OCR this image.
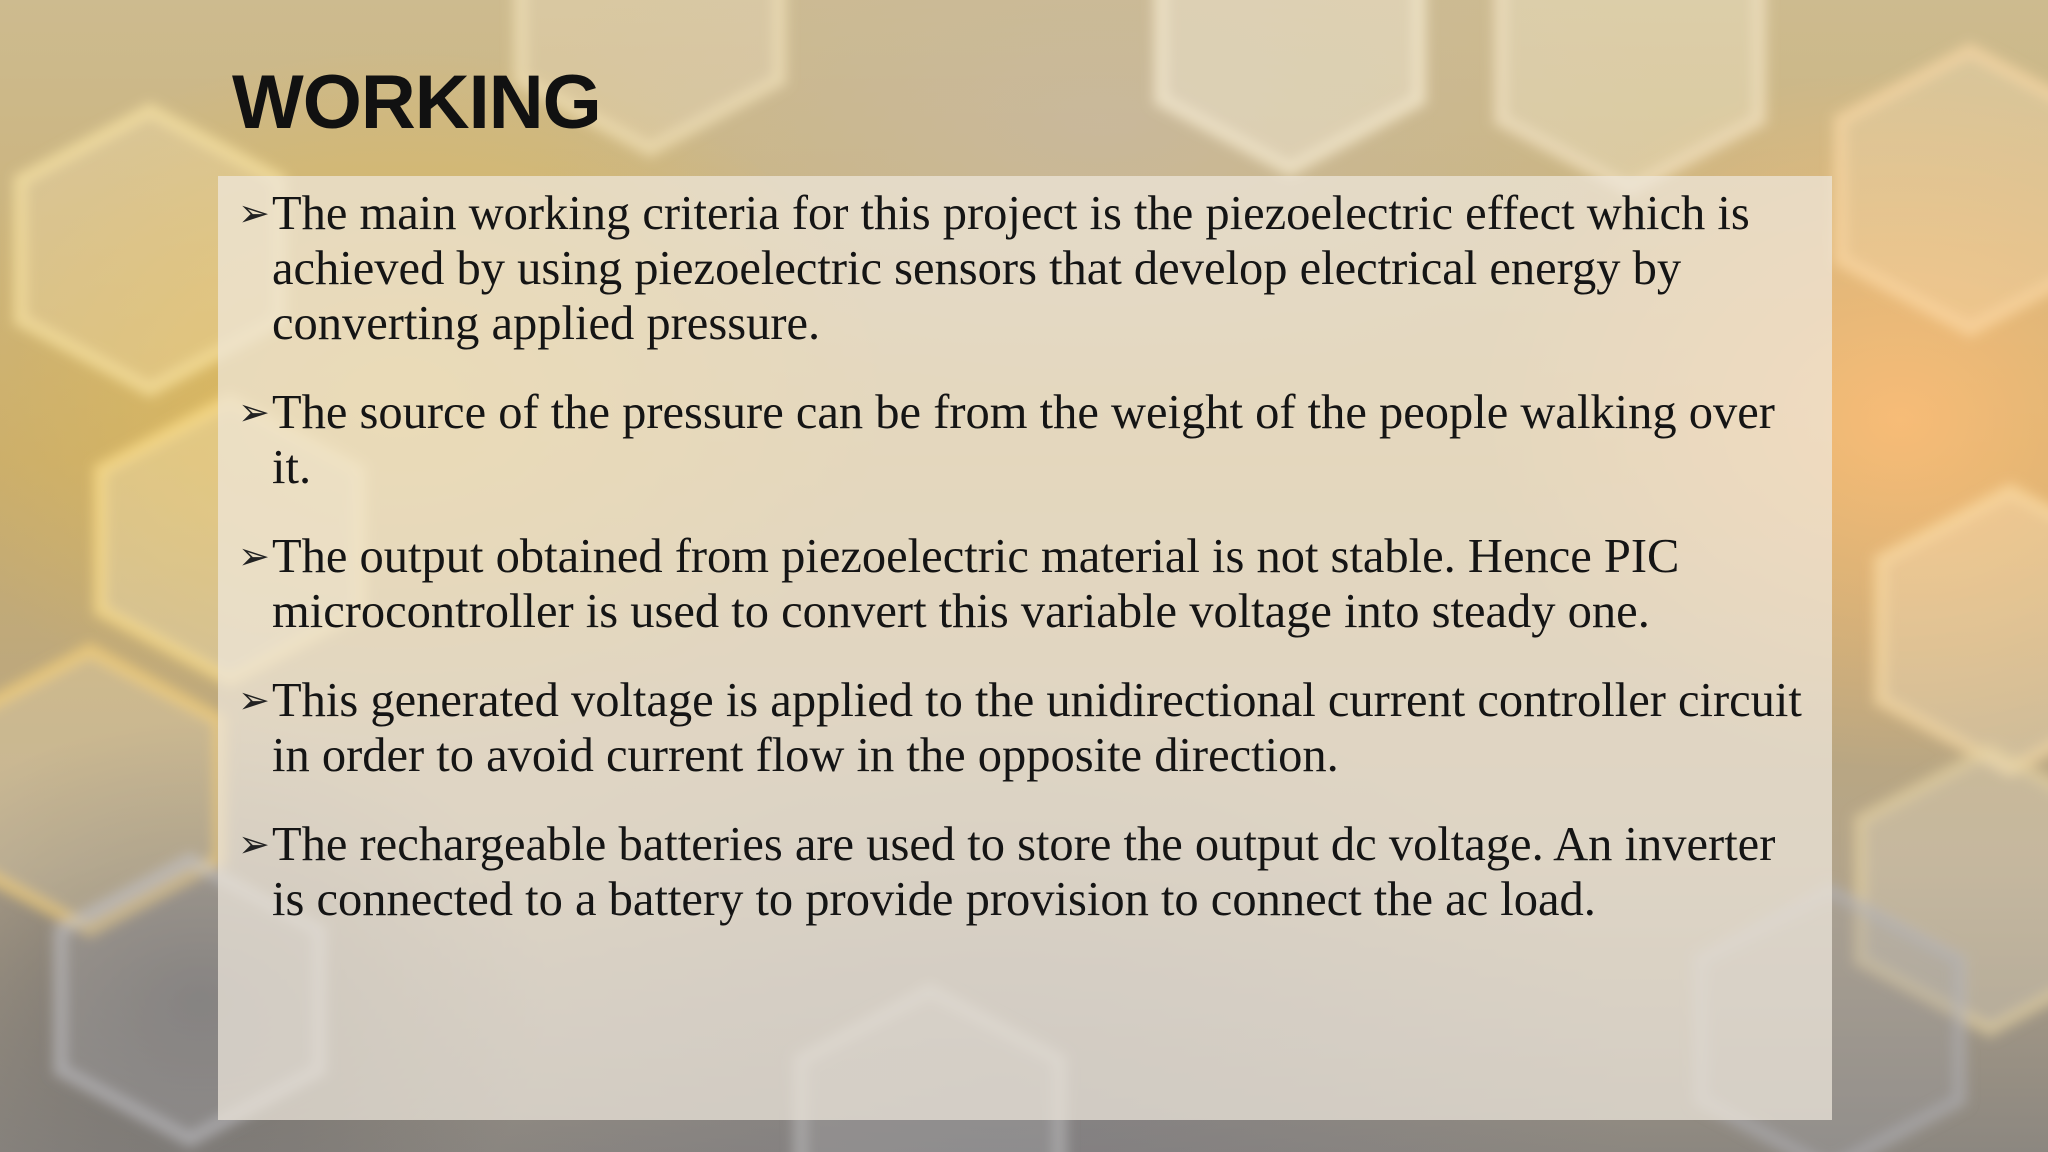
WORKING
➢ The main working criteria for this project is the piezoelectric effect which is achieved by using piezoelectric sensors that develop electrical energy by converting applied pressure.
➢ The source of the pressure can be from the weight of the people walking over it.
➢ The output obtained from piezoelectric material is not stable. Hence PIC microcontroller is used to convert this variable voltage into steady one.
➢ This generated voltage is applied to the unidirectional current controller circuit in order to avoid current flow in the opposite direction.
➢ The rechargeable batteries are used to store the output dc voltage. An inverter is connected to a battery to provide provision to connect the ac load.
